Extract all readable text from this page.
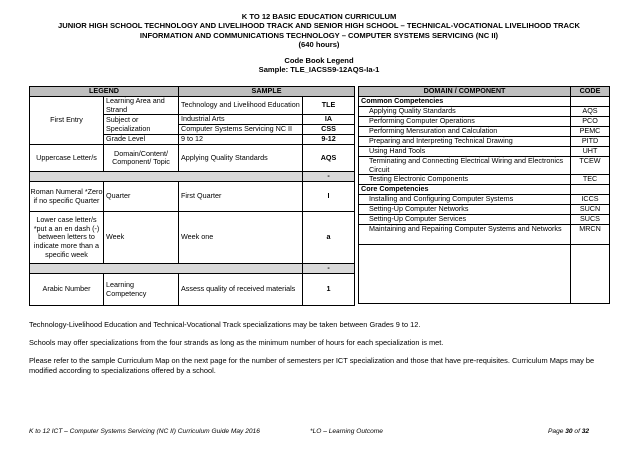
K TO 12 BASIC EDUCATION CURRICULUM
JUNIOR HIGH SCHOOL TECHNOLOGY AND LIVELIHOOD TRACK AND SENIOR HIGH SCHOOL – TECHNICAL-VOCATIONAL LIVELIHOOD TRACK
INFORMATION AND COMMUNICATIONS TECHNOLOGY – COMPUTER SYSTEMS SERVICING (NC II)
(640 hours)
Code Book Legend
Sample: TLE_IACSS9-12AQS-Ia-1
LEGEND		SAMPLE	
First Entry	Learning Area and Strand	Technology and Livelihood Education	TLE
	Subject or Specialization	Industrial Arts	IA
		Computer Systems Servicing NC II	CSS
	Grade Level	9 to 12	9-12
Uppercase Letter/s	Domain/Content/ Component/ Topic	Applying Quality Standards	AQS
			-
Roman Numeral *Zero if no specific Quarter	Quarter	First Quarter	I
Lower case letter/s *put a an en dash (-) between letters to indicate more than a specific week	Week	Week one	a
			-
Arabic Number	Learning Competency	Assess quality of received materials	1
DOMAIN / COMPONENT	CODE
Common Competencies	
Applying Quality Standards	AQS
Performing Computer Operations	PCO
Performing Mensuration and Calculation	PEMC
Preparing and Interpreting Technical Drawing	PITD
Using Hand Tools	UHT
Terminating and Connecting Electrical Wiring and Electronics Circuit	TCEW
Testing Electronic Components	TEC
Core Competencies	
Installing and Configuring Computer Systems	ICCS
Setting-Up Computer Networks	SUCN
Setting-Up Computer Services	SUCS
Maintaining and Repairing Computer Systems and Networks	MRCN

Technology-Livelihood Education and Technical-Vocational Track specializations may be taken between Grades 9 to 12.
Schools may offer specializations from the four strands as long as the minimum number of hours for each specialization is met.
Please refer to the sample Curriculum Map on the next page for the number of semesters per ICT specialization and those that have pre-requisites. Curriculum Maps may be modified according to specializations offered by a school.
K to 12 ICT – Computer Systems Servicing (NC II) Curriculum Guide May 2016	*LO – Learning Outcome	Page 30 of 32
